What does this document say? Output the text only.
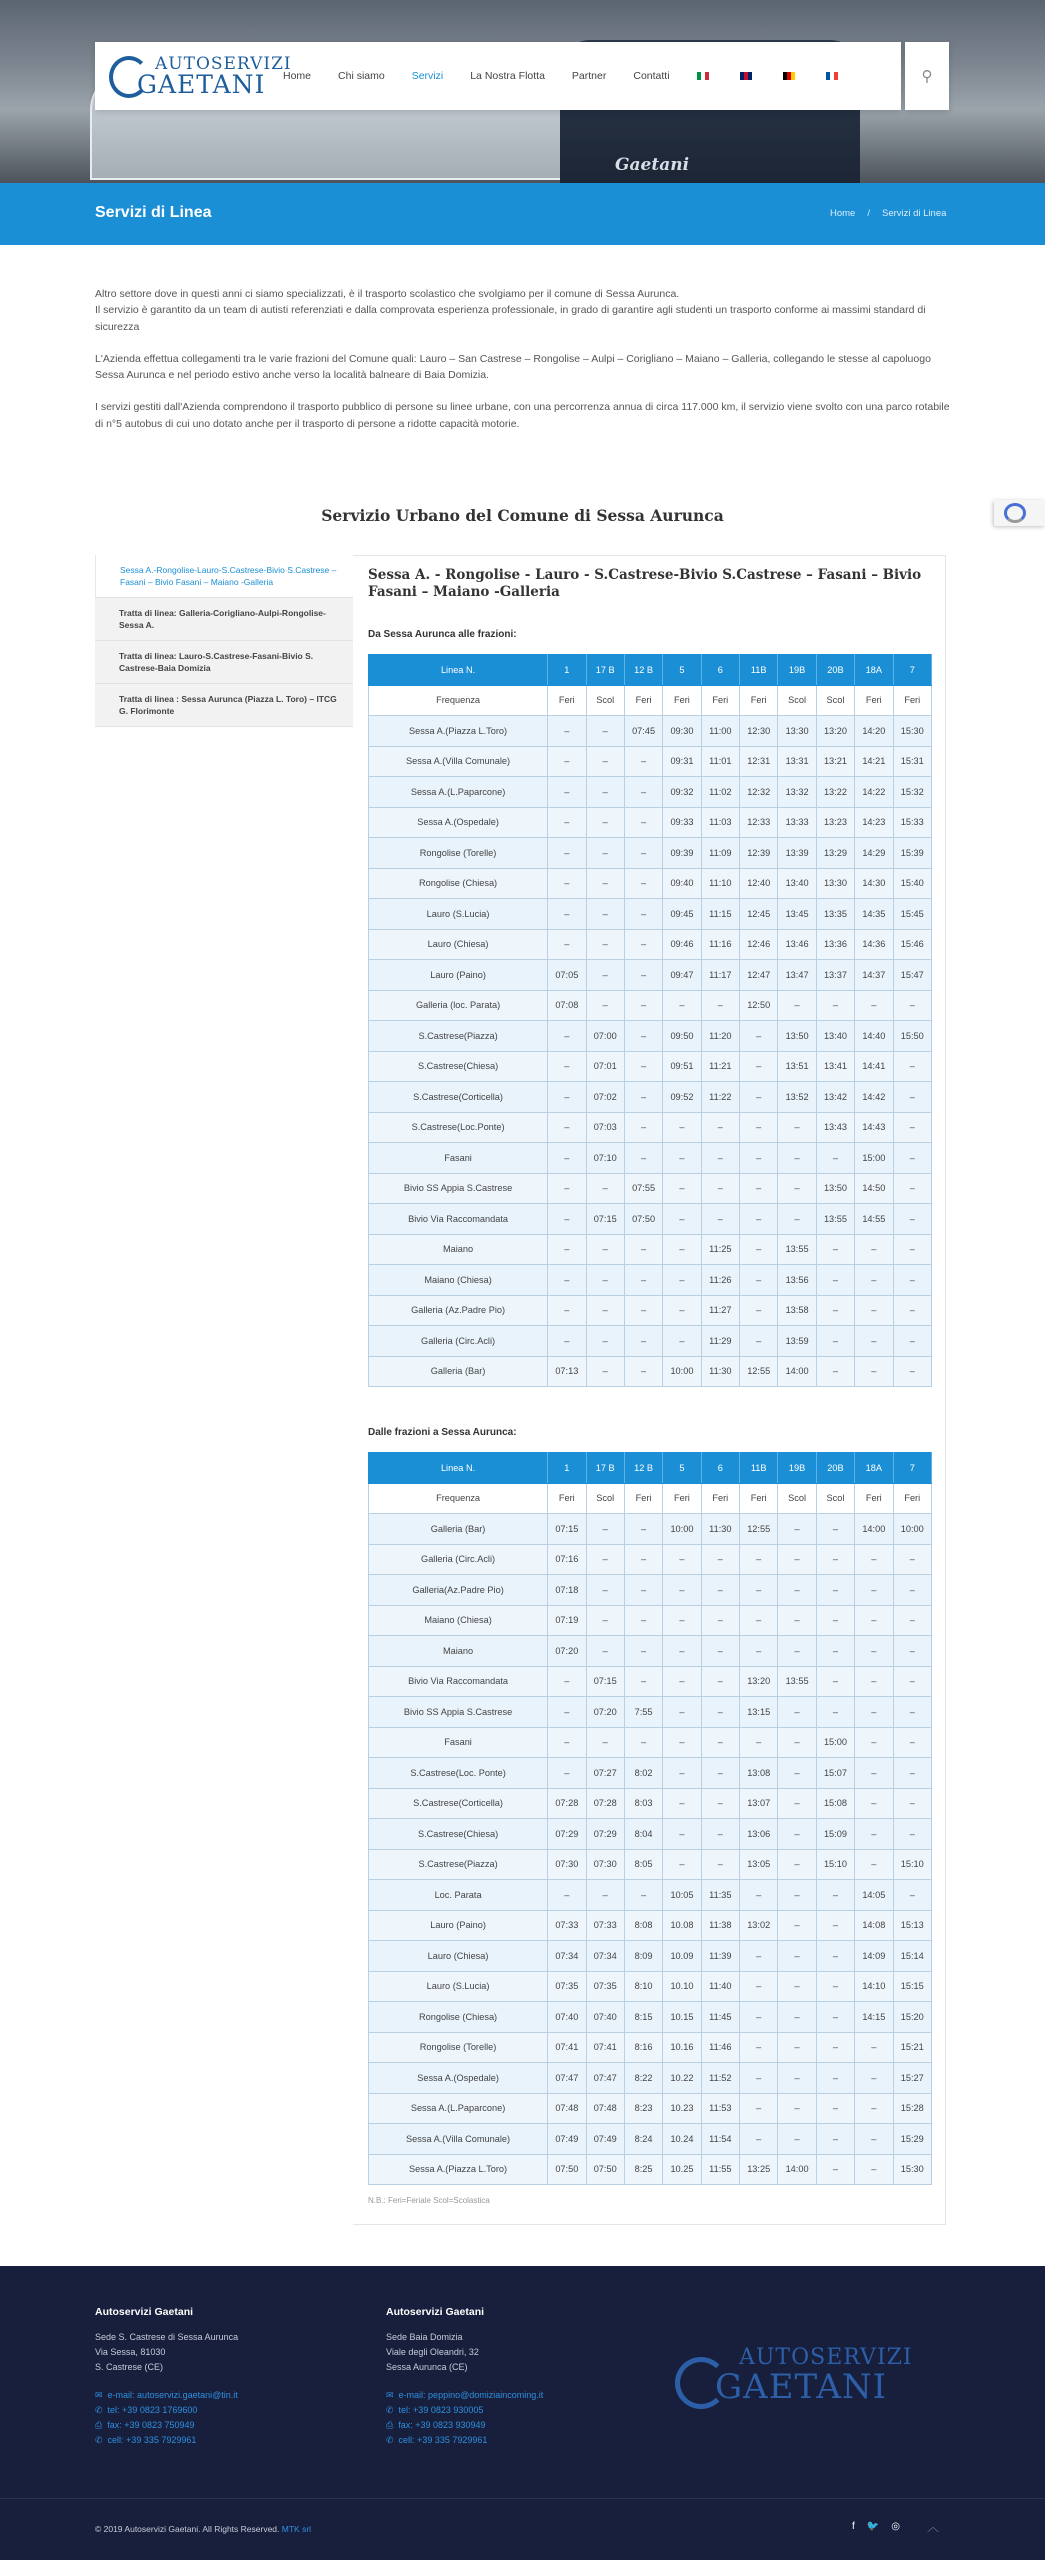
Gaetani
AUTOSERVIZI
GAETANI Home	Chi siamo	Servizi	La Nostra Flotta	Partner	Contatti	⚲
Servizi di Linea	Home / Servizi di Linea

Altro settore dove in questi anni ci siamo specializzati, è il trasporto scolastico che svolgiamo per il comune di Sessa Aurunca.
Il servizio è garantito da un team di autisti referenziati e dalla comprovata esperienza professionale, in grado di garantire agli studenti un trasporto conforme ai massimi standard di sicurezza

L'Azienda effettua collegamenti tra le varie frazioni del Comune quali: Lauro – San Castrese – Rongolise – Aulpi – Corigliano – Maiano – Galleria, collegando le stesse al capoluogo Sessa Aurunca e nel periodo estivo anche verso la località balneare di Baia Domizia.

I servizi gestiti dall'Azienda comprendono il trasporto pubblico di persone su linee urbane, con una percorrenza annua di circa 117.000 km, il servizio viene svolto con una parco rotabile di n°5 autobus di cui uno dotato anche per il trasporto di persone a ridotte capacità motorie.

Servizio Urbano del Comune di Sessa Aurunca
Sessa A.-Rongolise-Lauro-S.Castrese-Bivio S.Castrese – Fasani – Bivio Fasani – Maiano -Galleria
Tratta di linea: Galleria-Corigliano-Aulpi-Rongolise-Sessa A.
Tratta di linea: Lauro-S.Castrese-Fasani-Bivio S. Castrese-Baia Domizia
Tratta di linea : Sessa Aurunca (Piazza L. Toro) – ITCG G. Florimonte
Sessa A. - Rongolise - Lauro - S.Castrese-Bivio S.Castrese – Fasani – Bivio Fasani – Maiano -Galleria
Da Sessa Aurunca alle frazioni:
Linea N.	1	17 B	12 B	5	6	11B	19B	20B	18A	7
Frequenza	Feri	Scol	Feri	Feri	Feri	Feri	Scol	Scol	Feri	Feri
Sessa A.(Piazza L.Toro)	–	–	07:45	09:30	11:00	12:30	13:30	13:20	14:20	15:30
Sessa A.(Villa Comunale)	–	–	–	09:31	11:01	12:31	13:31	13:21	14:21	15:31
Sessa A.(L.Paparcone)	–	–	–	09:32	11:02	12:32	13:32	13:22	14:22	15:32
Sessa A.(Ospedale)	–	–	–	09:33	11:03	12:33	13:33	13:23	14:23	15:33
Rongolise (Torelle)	–	–	–	09:39	11:09	12:39	13:39	13:29	14:29	15:39
Rongolise (Chiesa)	–	–	–	09:40	11:10	12:40	13:40	13:30	14:30	15:40
Lauro (S.Lucia)	–	–	–	09:45	11:15	12:45	13:45	13:35	14:35	15:45
Lauro (Chiesa)	–	–	–	09:46	11:16	12:46	13:46	13:36	14:36	15:46
Lauro (Paino)	07:05	–	–	09:47	11:17	12:47	13:47	13:37	14:37	15:47
Galleria (loc. Parata)	07:08	–	–	–	–	12:50	–	–	–	–
S.Castrese(Piazza)	–	07:00	–	09:50	11:20	–	13:50	13:40	14:40	15:50
S.Castrese(Chiesa)	–	07:01	–	09:51	11:21	–	13:51	13:41	14:41	–
S.Castrese(Corticella)	–	07:02	–	09:52	11:22	–	13:52	13:42	14:42	–
S.Castrese(Loc.Ponte)	–	07:03	–	–	–	–	–	13:43	14:43	–
Fasani	–	07:10	–	–	–	–	–	–	15:00	–
Bivio SS Appia S.Castrese	–	–	07:55	–	–	–	–	13:50	14:50	–
Bivio Via Raccomandata	–	07:15	07:50	–	–	–	–	13:55	14:55	–
Maiano	–	–	–	–	11:25	–	13:55	–	–	–
Maiano (Chiesa)	–	–	–	–	11:26	–	13:56	–	–	–
Galleria (Az.Padre Pio)	–	–	–	–	11:27	–	13:58	–	–	–
Galleria (Circ.Acli)	–	–	–	–	11:29	–	13:59	–	–	–
Galleria (Bar)	07:13	–	–	10:00	11:30	12:55	14:00	–	–	–
Dalle frazioni a Sessa Aurunca:
Linea N.	1	17 B	12 B	5	6	11B	19B	20B	18A	7
Frequenza	Feri	Scol	Feri	Feri	Feri	Feri	Scol	Scol	Feri	Feri
Galleria (Bar)	07:15	–	–	10:00	11:30	12:55	–	–	14:00	10:00
Galleria (Circ.Acli)	07:16	–	–	–	–	–	–	–	–	–
Galleria(Az.Padre Pio)	07:18	–	–	–	–	–	–	–	–	–
Maiano (Chiesa)	07:19	–	–	–	–	–	–	–	–	–
Maiano	07:20	–	–	–	–	–	–	–	–	–
Bivio Via Raccomandata	–	07:15	–	–	–	13:20	13:55	–	–	–
Bivio SS Appia S.Castrese	–	07:20	7:55	–	–	13:15	–	–	–	–
Fasani	–	–	–	–	–	–	–	15:00	–	–
S.Castrese(Loc. Ponte)	–	07:27	8:02	–	–	13:08	–	15:07	–	–
S.Castrese(Corticella)	07:28	07:28	8:03	–	–	13:07	–	15:08	–	–
S.Castrese(Chiesa)	07:29	07:29	8:04	–	–	13:06	–	15:09	–	–
S.Castrese(Piazza)	07:30	07:30	8:05	–	–	13:05	–	15:10	–	15:10
Loc. Parata	–	–	–	10:05	11:35	–	–	–	14:05	–
Lauro (Paino)	07:33	07:33	8:08	10.08	11:38	13:02	–	–	14:08	15:13
Lauro (Chiesa)	07:34	07:34	8:09	10.09	11:39	–	–	–	14:09	15:14
Lauro (S.Lucia)	07:35	07:35	8:10	10.10	11:40	–	–	–	14:10	15:15
Rongolise (Chiesa)	07:40	07:40	8:15	10.15	11:45	–	–	–	14:15	15:20
Rongolise (Torelle)	07:41	07:41	8:16	10.16	11:46	–	–	–	–	15:21
Sessa A.(Ospedale)	07:47	07:47	8:22	10.22	11:52	–	–	–	–	15:27
Sessa A.(L.Paparcone)	07:48	07:48	8:23	10.23	11:53	–	–	–	–	15:28
Sessa A.(Villa Comunale)	07:49	07:49	8:24	10.24	11:54	–	–	–	–	15:29
Sessa A.(Piazza L.Toro)	07:50	07:50	8:25	10.25	11:55	13:25	14:00	–	–	15:30
N.B.: Feri=Feriale Scol=Scolastica
Autoservizi Gaetani
Sede S. Castrese di Sessa Aurunca
Via Sessa, 81030
S. Castrese (CE)
✉ e-mail: autoservizi.gaetani@tin.it
✆ tel: +39 0823 1769600
⎙ fax: +39 0823 750949
✆ cell: +39 335 7929961
Autoservizi Gaetani
Sede Baia Domizia
Viale degli Oleandri, 32
Sessa Aurunca (CE)
✉ e-mail: peppino@domiziaincoming.it
✆ tel: +39 0823 930005
⎙ fax: +39 0823 930949
✆ cell: +39 335 7929961
AUTOSERVIZI
GAETANI
© 2019 Autoservizi Gaetani. All Rights Reserved. MTK srl	f 🐦 ◎ ︿
